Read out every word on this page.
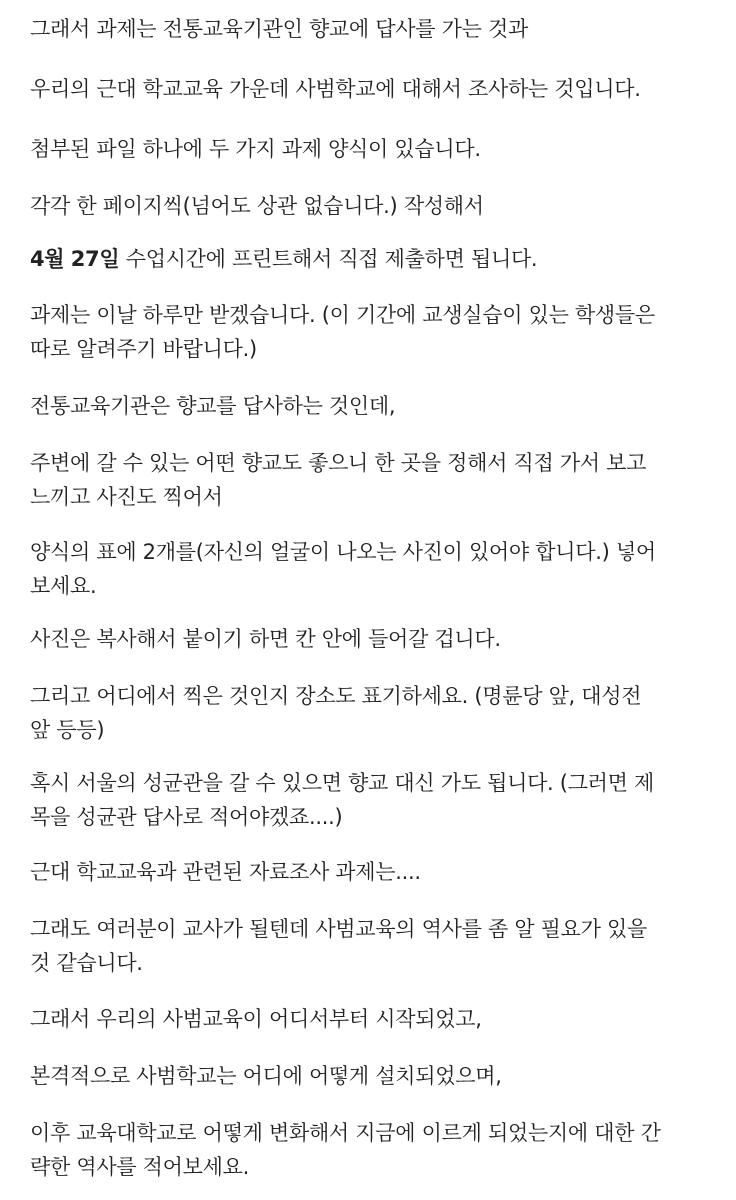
그래서 과제는 전통교육기관인 향교에 답사를 가는 것과

우리의 근대 학교교육 가운데 사범학교에 대해서 조사하는 것입니다.

첨부된 파일 하나에 두 가지 과제 양식이 있습니다.

각각 한 페이지씩(넘어도 상관 없습니다.) 작성해서

4월 27일 수업시간에 프린트해서 직접 제출하면 됩니다.

과제는 이날 하루만 받겠습니다. (이 기간에 교생실습이 있는 학생들은
따로 알려주기 바랍니다.)

전통교육기관은 향교를 답사하는 것인데,

주변에 갈 수 있는 어떤 향교도 좋으니 한 곳을 정해서 직접 가서 보고
느끼고 사진도 찍어서

양식의 표에 2개를(자신의 얼굴이 나오는 사진이 있어야 합니다.) 넣어
보세요.

사진은 복사해서 붙이기 하면 칸 안에 들어갈 겁니다.

그리고 어디에서 찍은 것인지 장소도 표기하세요. (명륜당 앞, 대성전
앞 등등)

혹시 서울의 성균관을 갈 수 있으면 향교 대신 가도 됩니다. (그러면 제
목을 성균관 답사로 적어야겠죠....)

근대 학교교육과 관련된 자료조사 과제는....

그래도 여러분이 교사가 될텐데 사범교육의 역사를 좀 알 필요가 있을
것 같습니다.

그래서 우리의 사범교육이 어디서부터 시작되었고,

본격적으로 사범학교는 어디에 어떻게 설치되었으며,

이후 교육대학교로 어떻게 변화해서 지금에 이르게 되었는지에 대한 간
략한 역사를 적어보세요.
